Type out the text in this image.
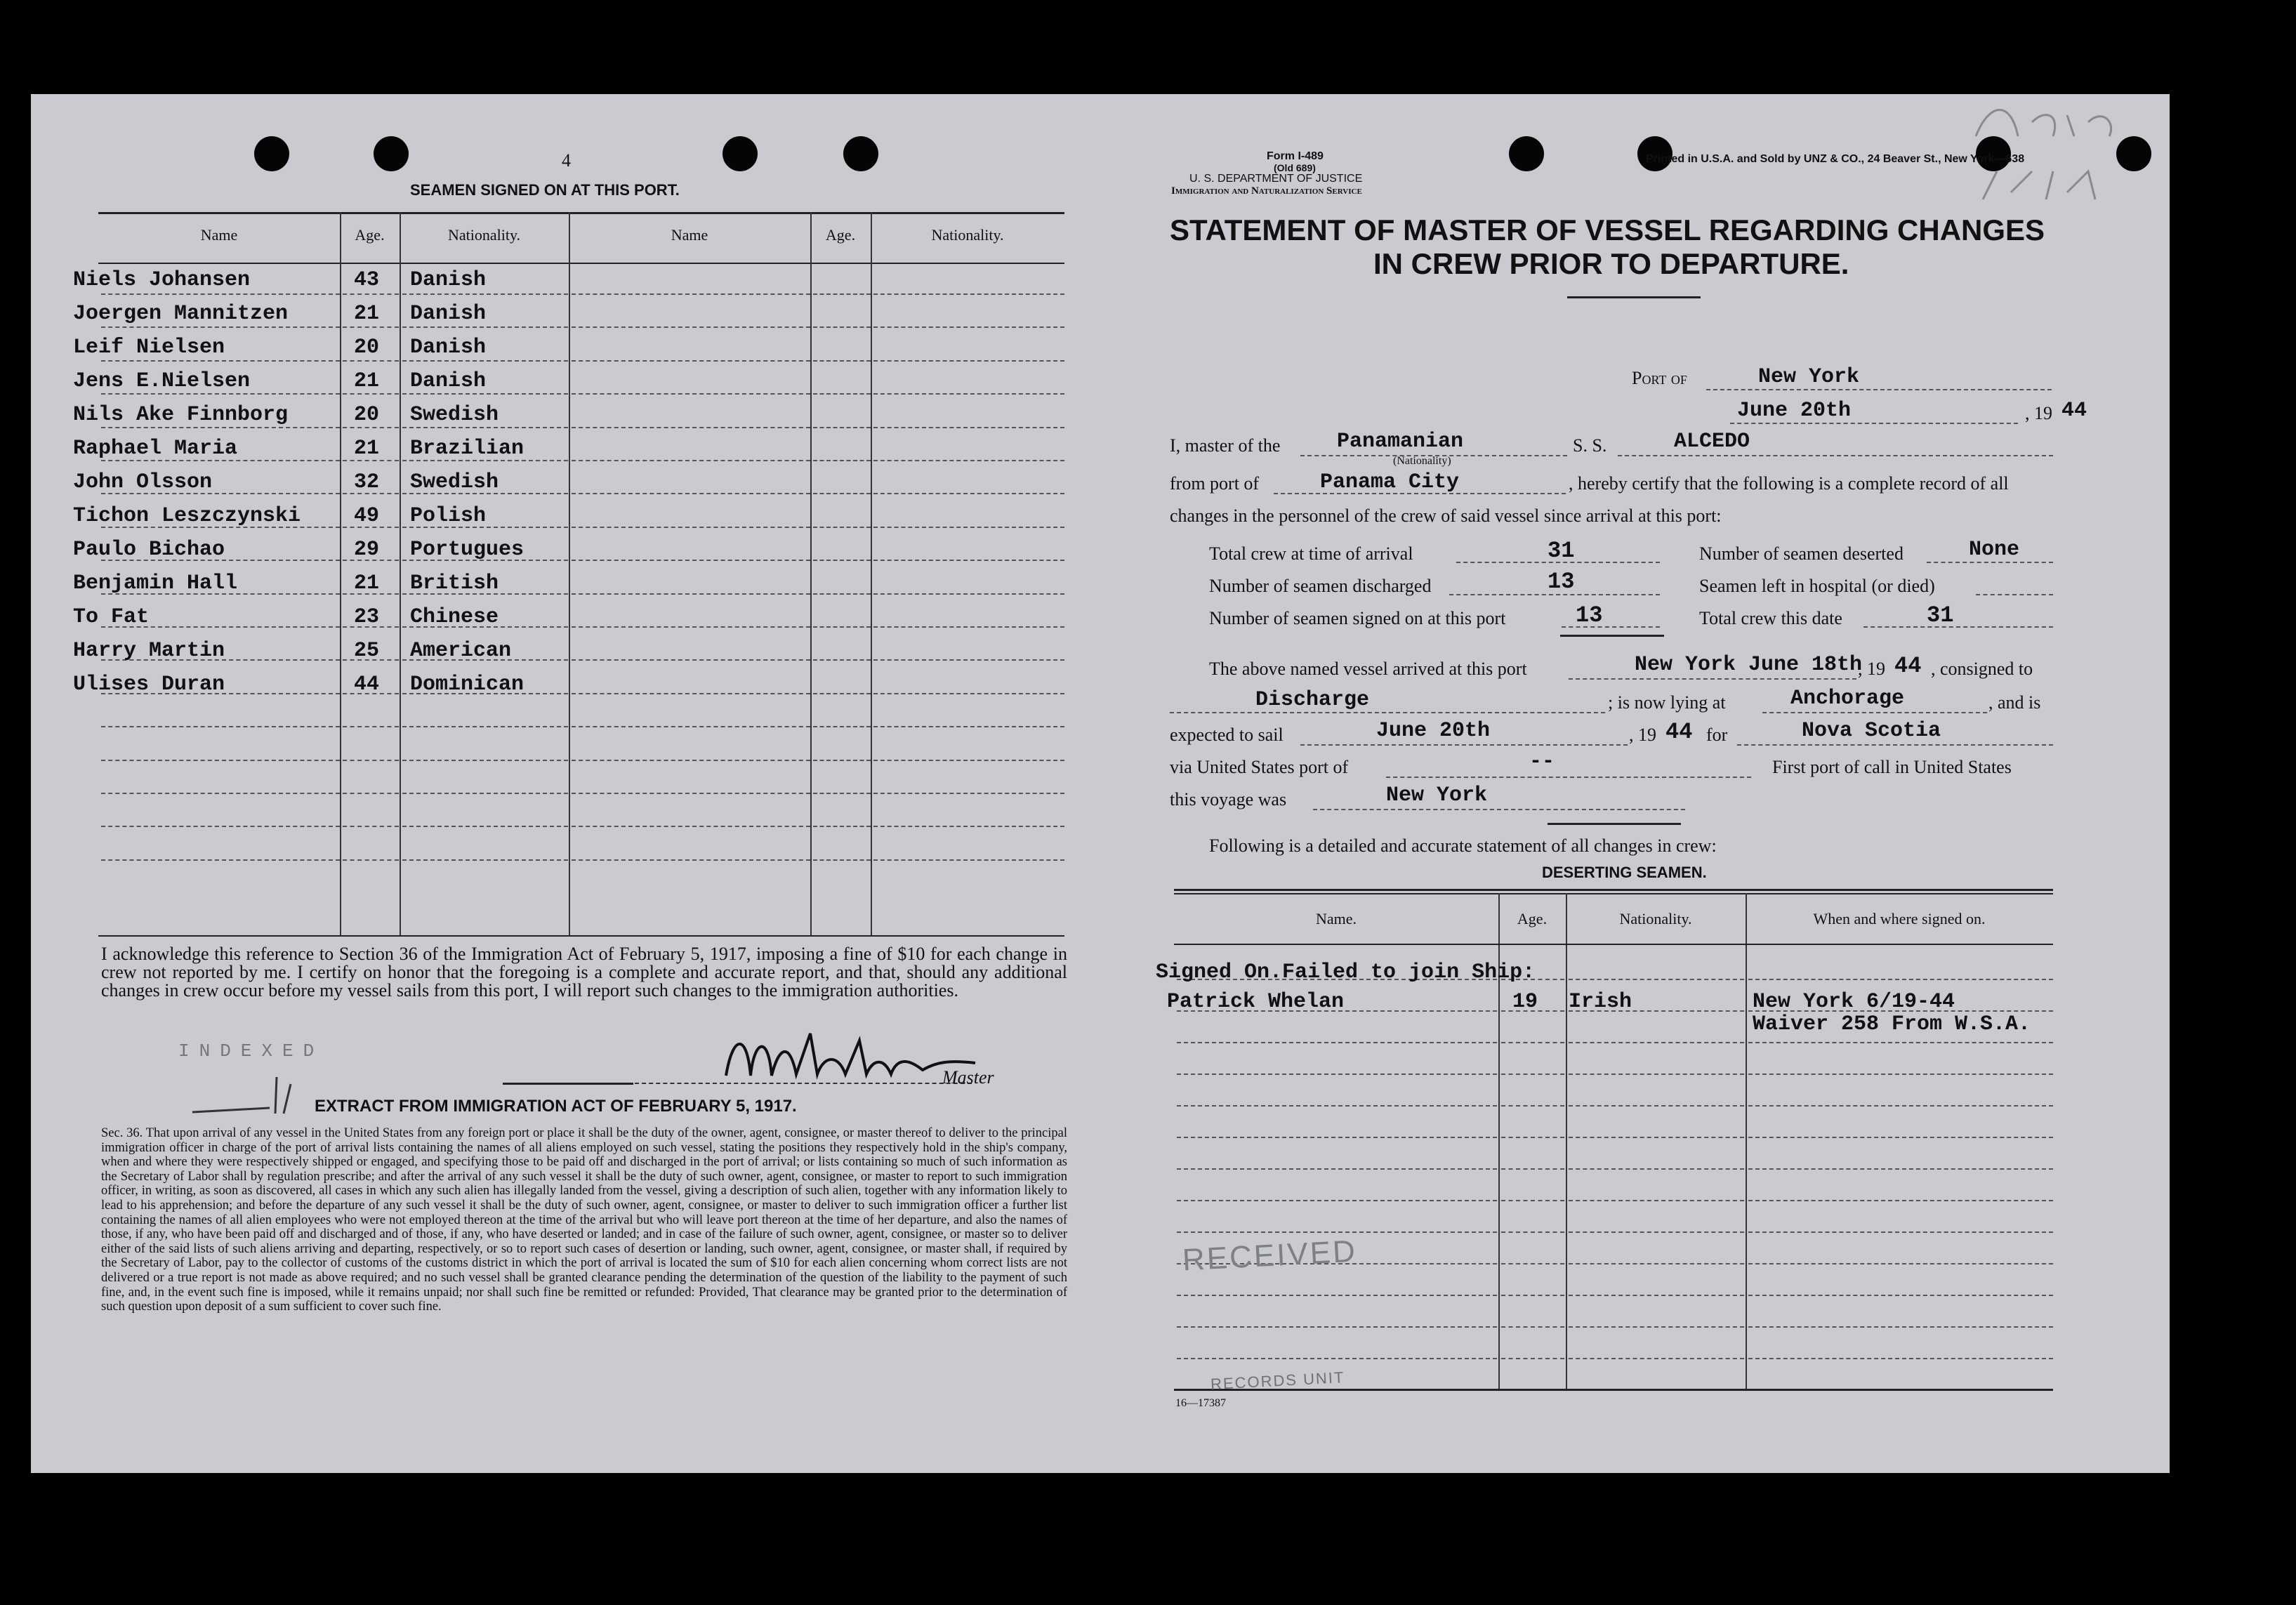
4
SEAMEN SIGNED ON AT THIS PORT.
Name	Age.	Nationality.	Name	Age.	Nationality.
Niels Johansen	43 Danish
Joergen Mannitzen	21 Danish
Leif Nielsen	20 Danish
Jens E.Nielsen	21 Danish
Nils Ake Finnborg	20 Swedish
Raphael Maria	21 Brazilian
John Olsson	32 Swedish
Tichon Leszczynski	49 Polish
Paulo Bichao	29 Portugues
Benjamin Hall	21 British
To Fat	23 Chinese
Harry Martin	25 American
Ulises Duran	44 Dominican
I acknowledge this reference to Section 36 of the Immigration Act of February 5, 1917, imposing a fine of $10 for each change in crew not reported by me. I certify on honor that the foregoing is a complete and accurate report, and that, should any additional changes in crew occur before my vessel sails from this port, I will report such changes to the immigration authorities.
INDEXED
Master
EXTRACT FROM IMMIGRATION ACT OF FEBRUARY 5, 1917.
Sec. 36. That upon arrival of any vessel in the United States from any foreign port or place it shall be the duty of the owner, agent, consignee, or master thereof to deliver to the principal immigration officer in charge of the port of arrival lists containing the names of all aliens employed on such vessel, stating the positions they respectively hold in the ship's company, when and where they were respectively shipped or engaged, and specifying those to be paid off and discharged in the port of arrival; or lists containing so much of such information as the Secretary of Labor shall by regulation prescribe; and after the arrival of any such vessel it shall be the duty of such owner, agent, consignee, or master to report to such immigration officer, in writing, as soon as discovered, all cases in which any such alien has illegally landed from the vessel, giving a description of such alien, together with any information likely to lead to his apprehension; and before the departure of any such vessel it shall be the duty of such owner, agent, consignee, or master to deliver to such immigration officer a further list containing the names of all alien employees who were not employed thereon at the time of the arrival but who will leave port thereon at the time of her departure, and also the names of those, if any, who have been paid off and discharged and of those, if any, who have deserted or landed; and in case of the failure of such owner, agent, consignee, or master so to deliver either of the said lists of such aliens arriving and departing, respectively, or so to report such cases of desertion or landing, such owner, agent, consignee, or master shall, if required by the Secretary of Labor, pay to the collector of customs of the customs district in which the port of arrival is located the sum of $10 for each alien concerning whom correct lists are not delivered or a true report is not made as above required; and no such vessel shall be granted clearance pending the determination of the question of the liability to the payment of such fine, and, in the event such fine is imposed, while it remains unpaid; nor shall such fine be remitted or refunded: Provided, That clearance may be granted prior to the determination of such question upon deposit of a sum sufficient to cover such fine.
Form I-489
(Old 689)
U. S. DEPARTMENT OF JUSTICE
Immigration and Naturalization Service
Printed in U.S.A. and Sold by UNZ & CO., 24 Beaver St., New York—638
STATEMENT OF MASTER OF VESSEL REGARDING CHANGES
IN CREW PRIOR TO DEPARTURE.
Port of	New York
June 20th	, 19 44
I, master of the	Panamanian
(Nationality)
S. S.	ALCEDO
from port of	Panama City	, hereby certify that the following is a complete record of all
changes in the personnel of the crew of said vessel since arrival at this port:
Total crew at time of arrival	31
Number of seamen discharged	13
Number of seamen signed on at this port	13
Number of seamen deserted	None
Seamen left in hospital (or died)
Total crew this date	31
The above named vessel arrived at this port	New York June 18th
, 19 44 , consigned to
Discharge	; is now lying at	Anchorage	, and is
expected to sail	June 20th	, 19 44 for	Nova Scotia
via United States port of	--	First port of call in United States
this voyage was	New York
Following is a detailed and accurate statement of all changes in crew:
DESERTING SEAMEN.
Name.	Age.	Nationality.	When and where signed on.
Signed On.Failed to join Ship:
Patrick Whelan	19 Irish	New York 6/19-44
Waiver 258 From W.S.A.
RECEIVED
RECORDS UNIT
16—17387
